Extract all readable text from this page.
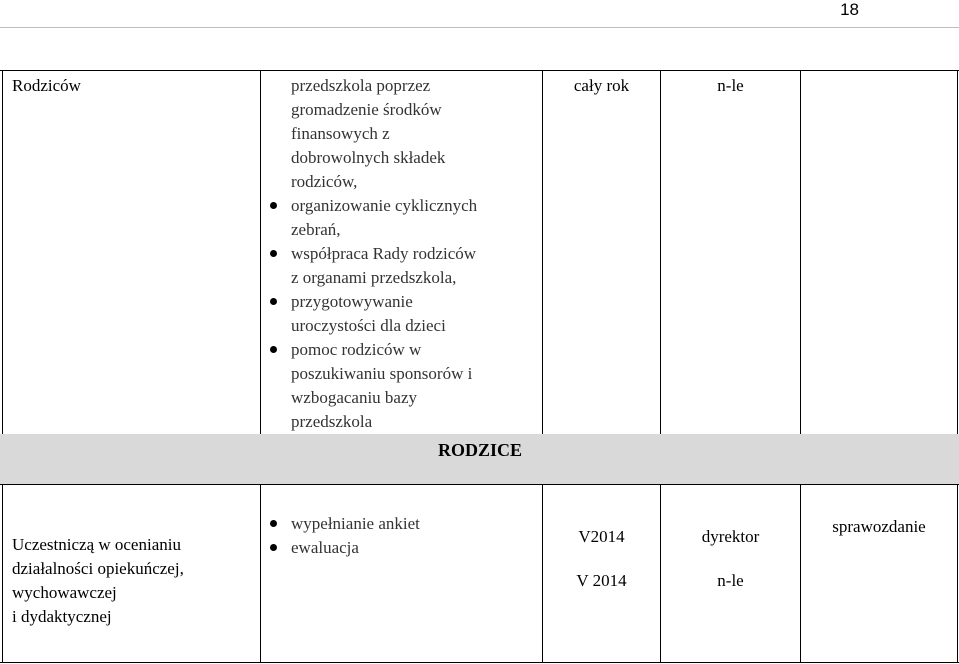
18
Rodziców	przedszkola poprzez
gromadzenie środków
finansowych z
dobrowolnych składek
rodziców,
organizowanie cyklicznych
zebrań,
współpraca Rady rodziców
z organami przedszkola,
przygotowywanie
uroczystości dla dzieci
pomoc rodziców w
poszukiwaniu sponsorów i
wzbogacaniu bazy
przedszkola
cały rok	n-le
RODZICE
Uczestniczą w ocenianiu
działalności opiekuńczej,
wychowawczej
i dydaktycznej
wypełnianie ankiet
ewaluacja
V2014
V 2014
dyrektor
n-le
sprawozdanie
